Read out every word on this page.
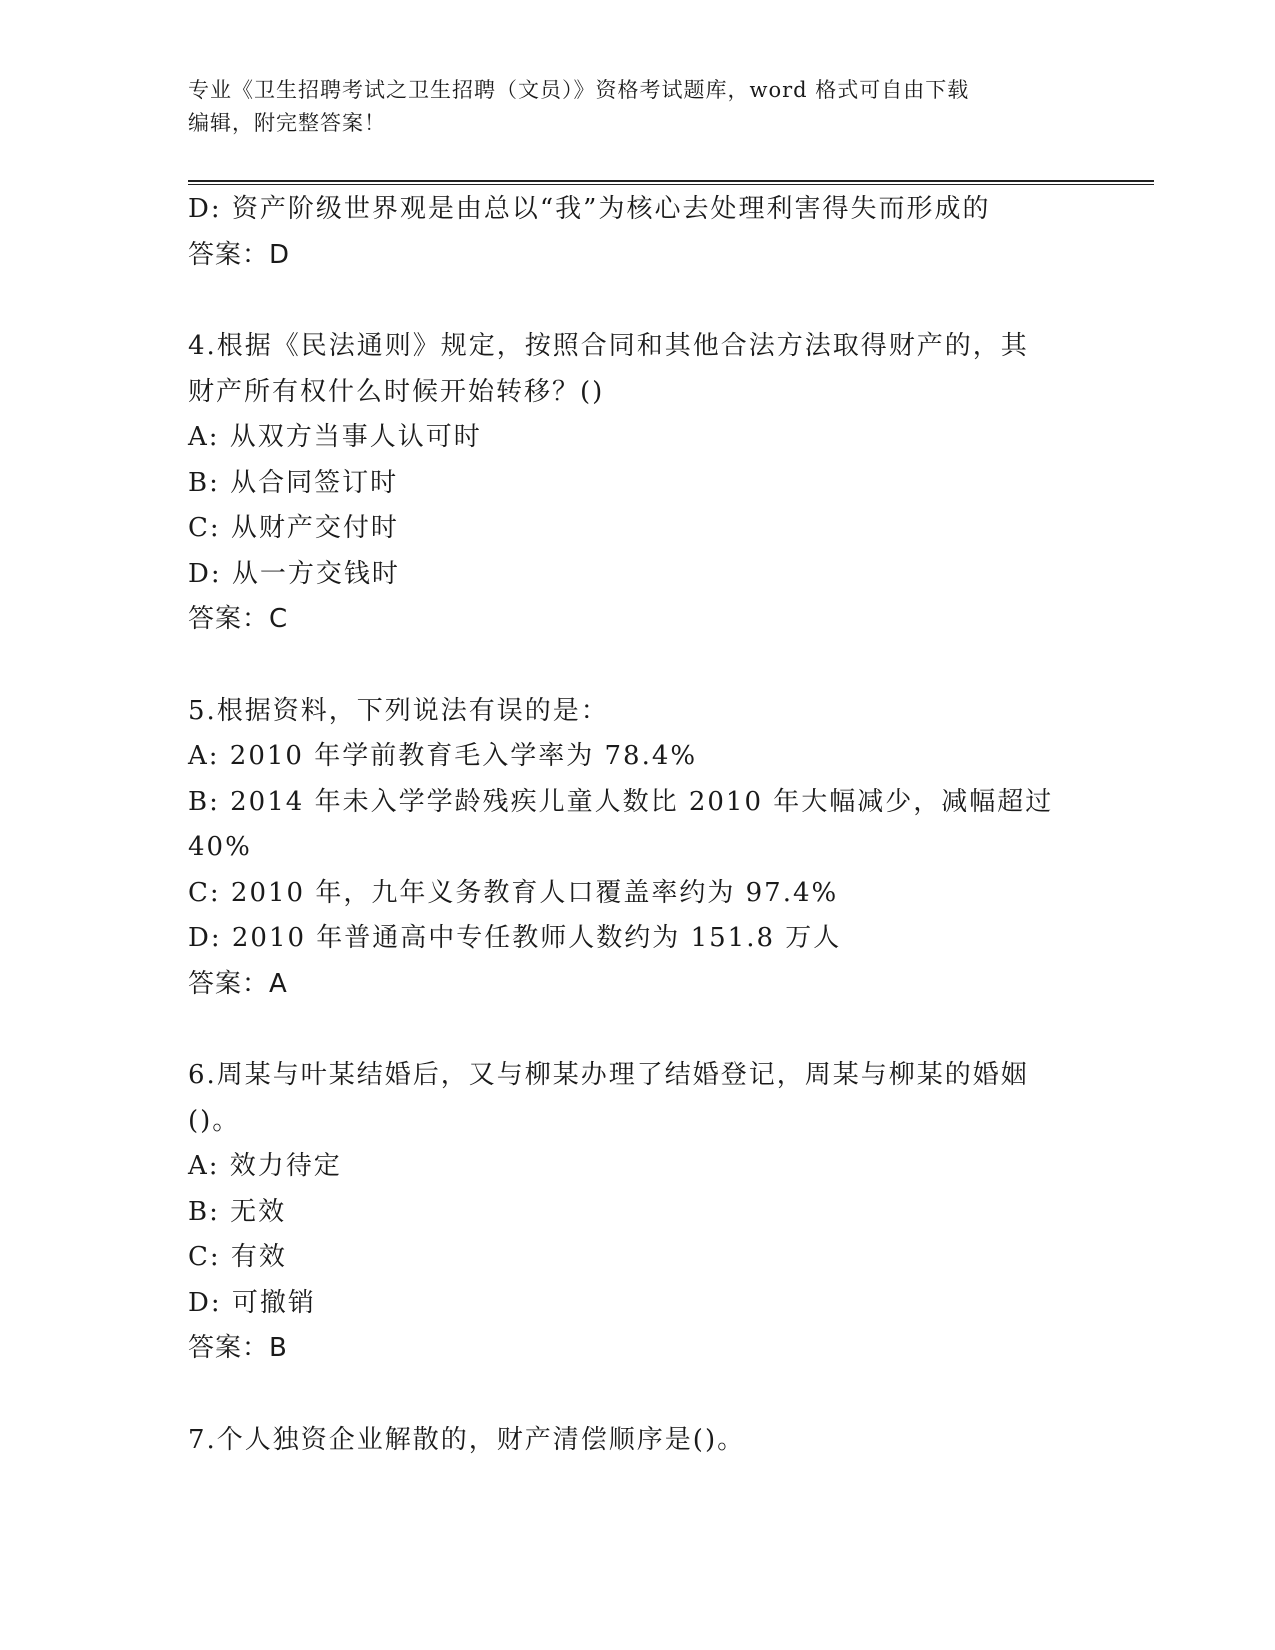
专业《卫生招聘考试之卫生招聘（文员）》资格考试题库，word 格式可自由下载
编辑，附完整答案！
D: 资产阶级世界观是由总以“我”为核心去处理利害得失而形成的
答案：D
4.根据《民法通则》规定，按照合同和其他合法方法取得财产的，其
财产所有权什么时候开始转移？()
A: 从双方当事人认可时
B: 从合同签订时
C: 从财产交付时
D: 从一方交钱时
答案：C
5.根据资料，下列说法有误的是：
A: 2010 年学前教育毛入学率为 78.4%
B: 2014 年未入学学龄残疾儿童人数比 2010 年大幅减少，减幅超过
40%
C: 2010 年，九年义务教育人口覆盖率约为 97.4%
D: 2010 年普通高中专任教师人数约为 151.8 万人
答案：A
6.周某与叶某结婚后，又与柳某办理了结婚登记，周某与柳某的婚姻
()。
A: 效力待定
B: 无效
C: 有效
D: 可撤销
答案：B
7.个人独资企业解散的，财产清偿顺序是()。
